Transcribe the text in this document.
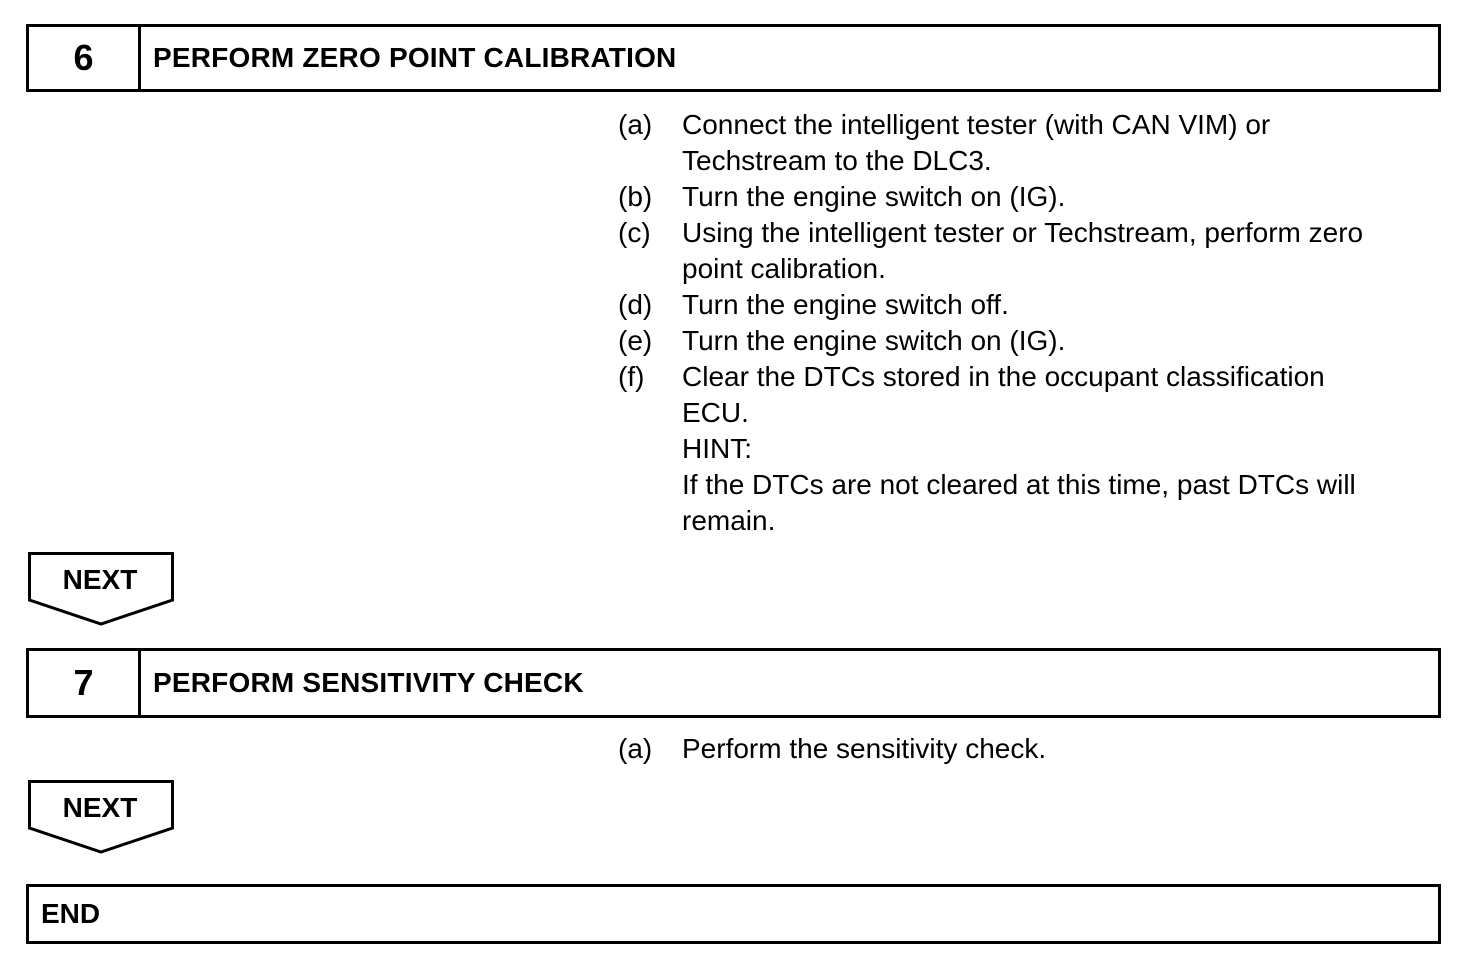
6	PERFORM ZERO POINT CALIBRATION
(a)	Connect the intelligent tester (with CAN VIM) or
Techstream to the DLC3.
(b)	Turn the engine switch on (IG).
(c)	Using the intelligent tester or Techstream, perform zero
point calibration.
(d)	Turn the engine switch off.
(e)	Turn the engine switch on (IG).
(f)	Clear the DTCs stored in the occupant classification
ECU.
HINT:
If the DTCs are not cleared at this time, past DTCs will
remain.
NEXT
7	PERFORM SENSITIVITY CHECK
(a)	Perform the sensitivity check.
NEXT
END
